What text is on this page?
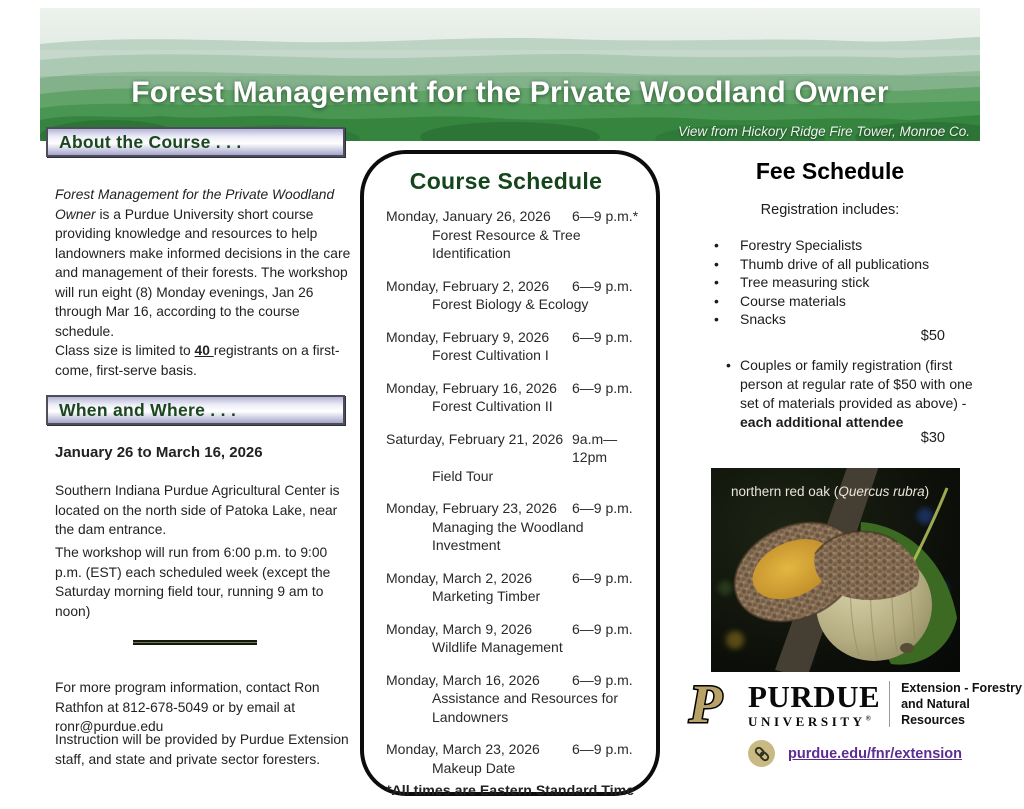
Forest Management for the Private Woodland Owner
View from Hickory Ridge Fire Tower, Monroe Co.
About the Course . . .
Forest Management for the Private Woodland Owner is a Purdue University short course providing knowledge and resources to help landowners make informed decisions in the care and management of their forests. The workshop will run eight (8) Monday evenings, Jan 26 through Mar 16, according to the course schedule.
Class size is limited to 40 registrants on a first-come, first-serve basis.
When and Where . . .
January 26 to March 16, 2026
Southern Indiana Purdue Agricultural Center is located on the north side of Patoka Lake, near the dam entrance.
The workshop will run from 6:00 p.m. to 9:00 p.m. (EST) each scheduled week (except the Saturday morning field tour, running 9 am to noon)
For more program information, contact Ron Rathfon at 812-678-5049 or by email at ronr@purdue.edu
Instruction will be provided by Purdue Extension staff, and state and private sector foresters.
Course Schedule
Monday, January 26, 2026	6—9 p.m.*
Forest Resource & Tree Identification
Monday, February 2, 2026	6—9 p.m.
Forest Biology & Ecology
Monday, February 9, 2026	6—9 p.m.
Forest Cultivation I
Monday, February 16, 2026	6—9 p.m.
Forest Cultivation II
Saturday, February 21, 2026 9a.m—12pm
Field Tour
Monday, February 23, 2026	6—9 p.m.
Managing the Woodland Investment
Monday, March 2, 2026	6—9 p.m.
Marketing Timber
Monday, March 9, 2026	6—9 p.m.
Wildlife Management
Monday, March 16, 2026	6—9 p.m.
Assistance and Resources for Landowners
Monday, March 23, 2026	6—9 p.m.
Makeup Date
*All times are Eastern Standard Time
Fee Schedule
Registration includes:
• Forestry Specialists
• Thumb drive of all publications
• Tree measuring stick
• Course materials
• Snacks
$50
• Couples or family registration (first person at regular rate of $50 with one set of materials provided as above) - each additional attendee
$30
northern red oak (Quercus rubra)
P PURDUE
UNIVERSITY®
Extension - Forestry
and Natural Resources
purdue.edu/fnr/extension
